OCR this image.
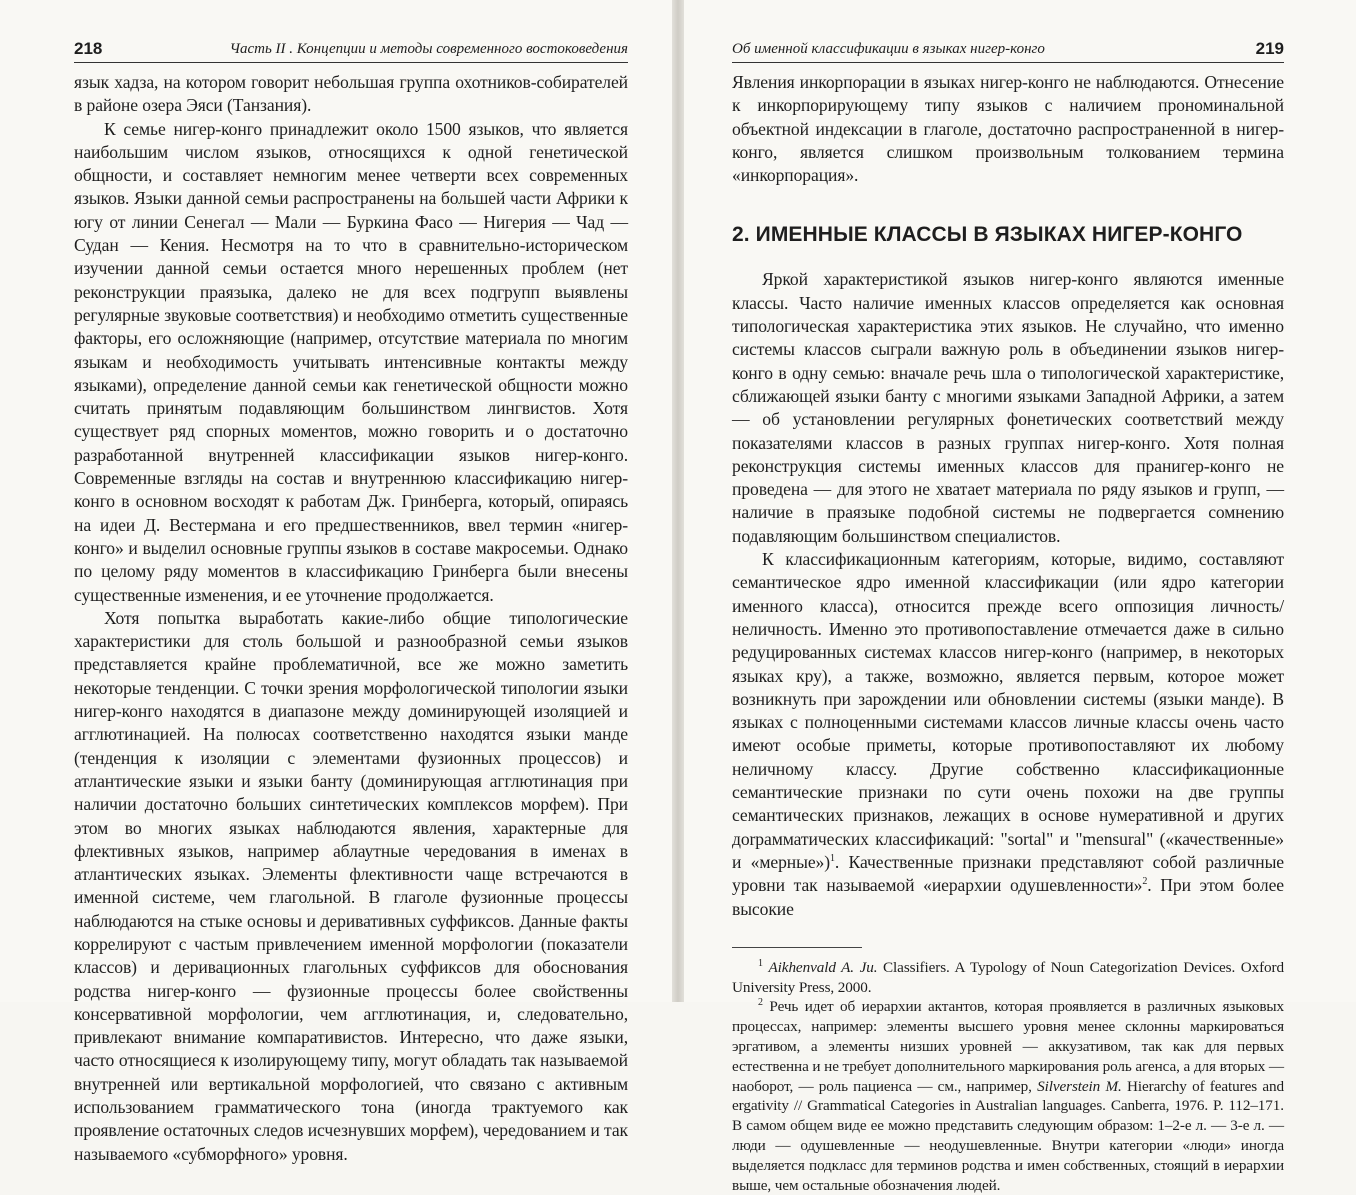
218	Часть II . Концепции и методы современного востоковедения

язык хадза, на котором говорит небольшая группа охотников-собирателей в районе озера Эяси (Танзания).

К семье нигер-конго принадлежит около 1500 языков, что является наибольшим числом языков, относящихся к одной генетической общности, и составляет немногим менее четверти всех современных языков. Языки данной семьи распространены на большей части Африки к югу от линии Сенегал — Мали — Буркина Фасо — Нигерия — Чад — Судан — Кения. Несмотря на то что в сравнительно-историческом изучении данной семьи остается много нерешенных проблем (нет реконструкции праязыка, далеко не для всех подгрупп выявлены регулярные звуковые соответствия) и необходимо отметить существенные факторы, его осложняющие (например, отсутствие материала по многим языкам и необходимость учитывать интенсивные контакты между языками), определение данной семьи как генетической общности можно считать принятым подавляющим большинством лингвистов. Хотя существует ряд спорных моментов, можно говорить и о достаточно разработанной внутренней классификации языков нигер-конго. Современные взгляды на состав и внутреннюю классификацию нигер-конго в основном восходят к работам Дж. Гринберга, который, опираясь на идеи Д. Вестермана и его предшественников, ввел термин «нигер-конго» и выделил основные группы языков в составе макросемьи. Однако по целому ряду моментов в классификацию Гринберга были внесены существенные изменения, и ее уточнение продолжается.

Хотя попытка выработать какие-либо общие типологические характеристики для столь большой и разнообразной семьи языков представляется крайне проблематичной, все же можно заметить некоторые тенденции. С точки зрения морфологической типологии языки нигер-конго находятся в диапазоне между доминирующей изоляцией и агглютинацией. На полюсах соответственно находятся языки манде (тенденция к изоляции с элементами фузионных процессов) и атлантические языки и языки банту (доминирующая агглютинация при наличии достаточно больших синтетических комплексов морфем). При этом во многих языках наблюдаются явления, характерные для флективных языков, например аблаутные чередования в именах в атлантических языках. Элементы флективности чаще встречаются в именной системе, чем глагольной. В глаголе фузионные процессы наблюдаются на стыке основы и деривативных суффиксов. Данные факты коррелируют с частым привлечением именной морфологии (показатели классов) и деривационных глагольных суффиксов для обоснования родства нигер-конго — фузионные процессы более свойственны консервативной морфологии, чем агглютинация, и, следовательно, привлекают внимание компаративистов. Интересно, что даже языки, часто относящиеся к изолирующему типу, могут обладать так называемой внутренней или вертикальной морфологией, что связано с активным использованием грамматического тона (иногда трактуемого как проявление остаточных следов исчезнувших морфем), чередованием и так называемого «субморфного» уровня.

Об именной классификации в языках нигер-конго	219

Явления инкорпорации в языках нигер-конго не наблюдаются. Отнесение к инкорпорирующему типу языков с наличием прономинальной объектной индексации в глаголе, достаточно распространенной в нигер-конго, является слишком произвольным толкованием термина «инкорпорация».

2. ИМЕННЫЕ КЛАССЫ В ЯЗЫКАХ НИГЕР-КОНГО

Яркой характеристикой языков нигер-конго являются именные классы. Часто наличие именных классов определяется как основная типологическая характеристика этих языков. Не случайно, что именно системы классов сыграли важную роль в объединении языков нигер-конго в одну семью: вначале речь шла о типологической характеристике, сближающей языки банту с многими языками Западной Африки, а затем — об установлении регулярных фонетических соответствий между показателями классов в разных группах нигер-конго. Хотя полная реконструкция системы именных классов для пранигер-конго не проведена — для этого не хватает материала по ряду языков и групп, — наличие в праязыке подобной системы не подвергается сомнению подавляющим большинством специалистов.

К классификационным категориям, которые, видимо, составляют семантическое ядро именной классификации (или ядро категории именного класса), относится прежде всего оппозиция личность/неличность. Именно это противопоставление отмечается даже в сильно редуцированных системах классов нигер-конго (например, в некоторых языках кру), а также, возможно, является первым, которое может возникнуть при зарождении или обновлении системы (языки манде). В языках с полноценными системами классов личные классы очень часто имеют особые приметы, которые противопоставляют их любому неличному классу. Другие собственно классификационные семантические признаки по сути очень похожи на две группы семантических признаков, лежащих в основе нумеративной и других доrрамматических классификаций: "sortal" и "mensural" («качественные» и «мерные»)$^1$. Качественные признаки представляют собой различные уровни так называемой «иерархии одушевленности»$^2$. При этом более высокие

$^1$ Aikhenvald A. Ju. Classifiers. A Typology of Noun Categorization Devices. Oxford University Press, 2000.

$^2$ Речь идет об иерархии актантов, которая проявляется в различных языковых процессах, например: элементы высшего уровня менее склонны маркироваться эргативом, а элементы низших уровней — аккузативом, так как для первых естественна и не требует дополнительного маркирования роль агенса, а для вторых — наоборот, — роль пациенса — см., например, Silverstein M. Hierarchy of features and ergativity // Grammatical Categories in Australian languages. Canberra, 1976. P. 112–171. В самом общем виде ее можно представить следующим образом: 1–2-е л. — 3-е л. — люди — одушевленные — неодушевленные. Внутри категории «люди» иногда выделяется подкласс для терминов родства и имен собственных, стоящий в иерархии выше, чем остальные обозначения людей.
